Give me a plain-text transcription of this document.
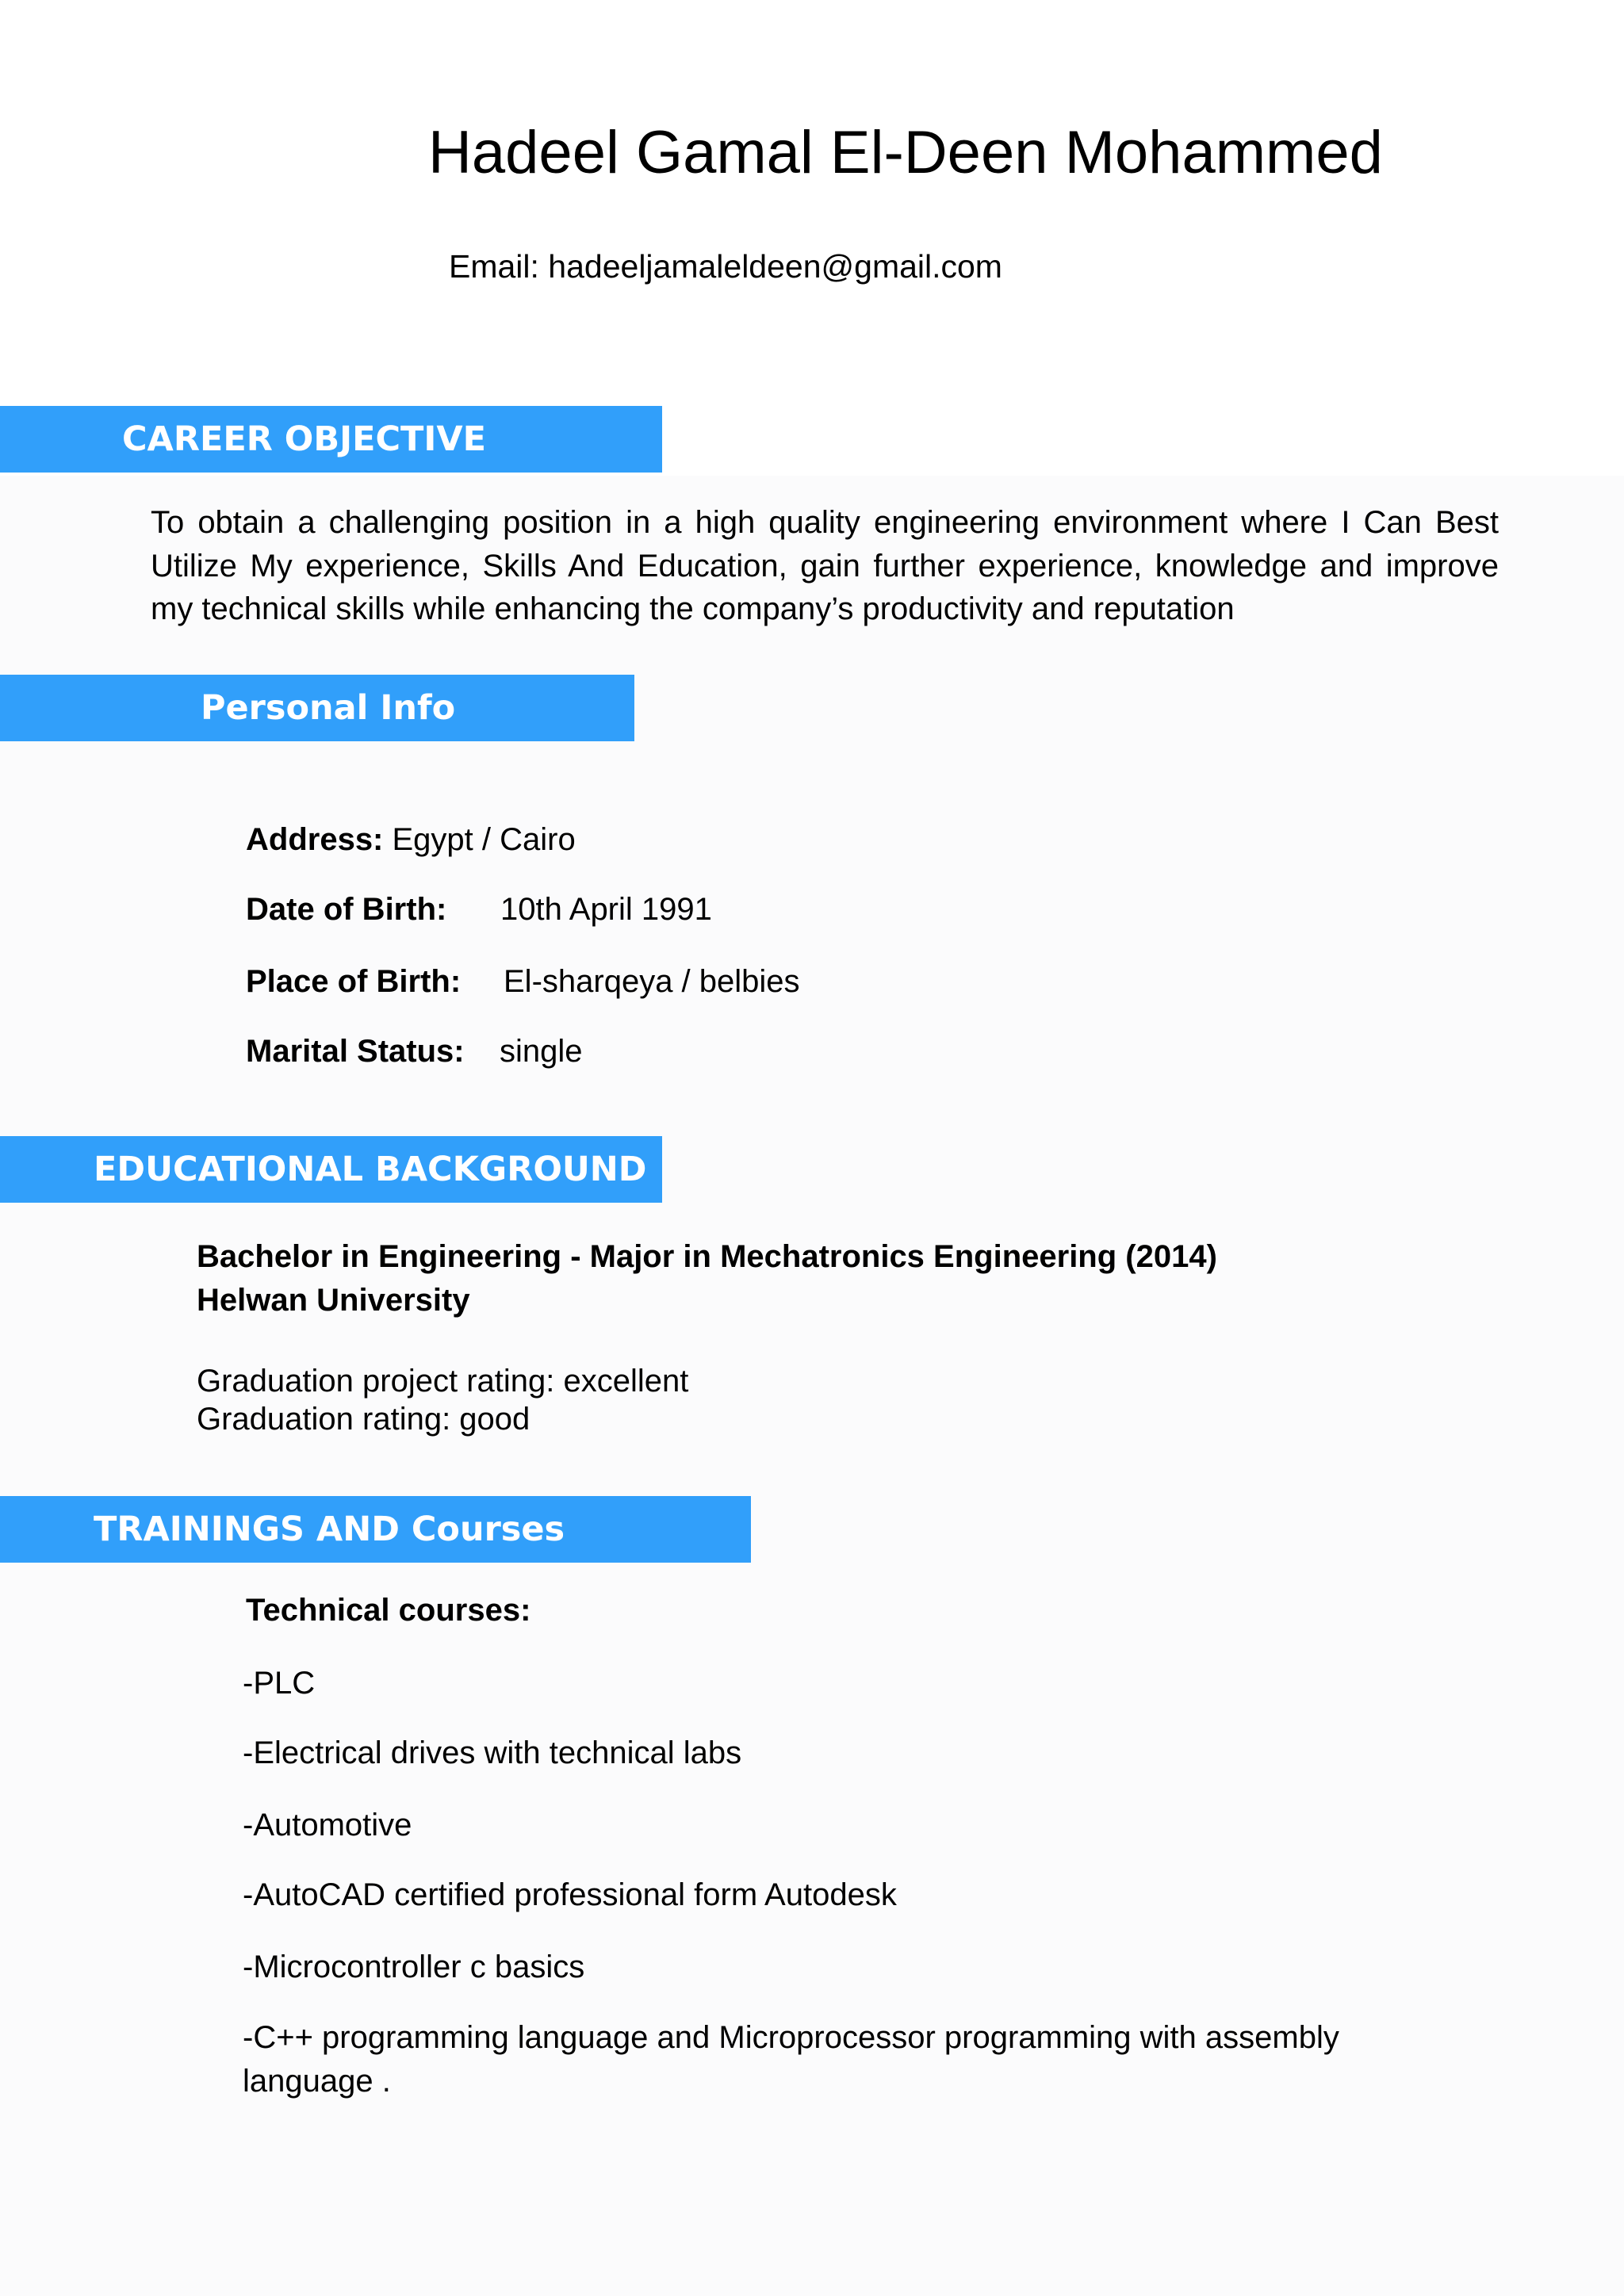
Hadeel Gamal El-Deen Mohammed
Email: hadeeljamaleldeen@gmail.com
CAREER OBJECTIVE
To obtain a challenging position in a high quality engineering environment where I Can Best Utilize My experience, Skills And Education, gain further experience, knowledge and improve my technical skills while enhancing the company’s productivity and reputation
Personal Info
Address: Egypt / Cairo
Date of Birth: 10th April 1991
Place of Birth: El-sharqeya / belbies
Marital Status: single
EDUCATIONAL BACKGROUND
Bachelor in Engineering - Major in Mechatronics Engineering (2014)
Helwan University
Graduation project rating: excellent
Graduation rating: good
TRAININGS AND Courses
Technical courses:
-PLC
-Electrical drives with technical labs
-Automotive
-AutoCAD certified professional form Autodesk
-Microcontroller c basics
-C++ programming language and Microprocessor programming with assembly
language .
